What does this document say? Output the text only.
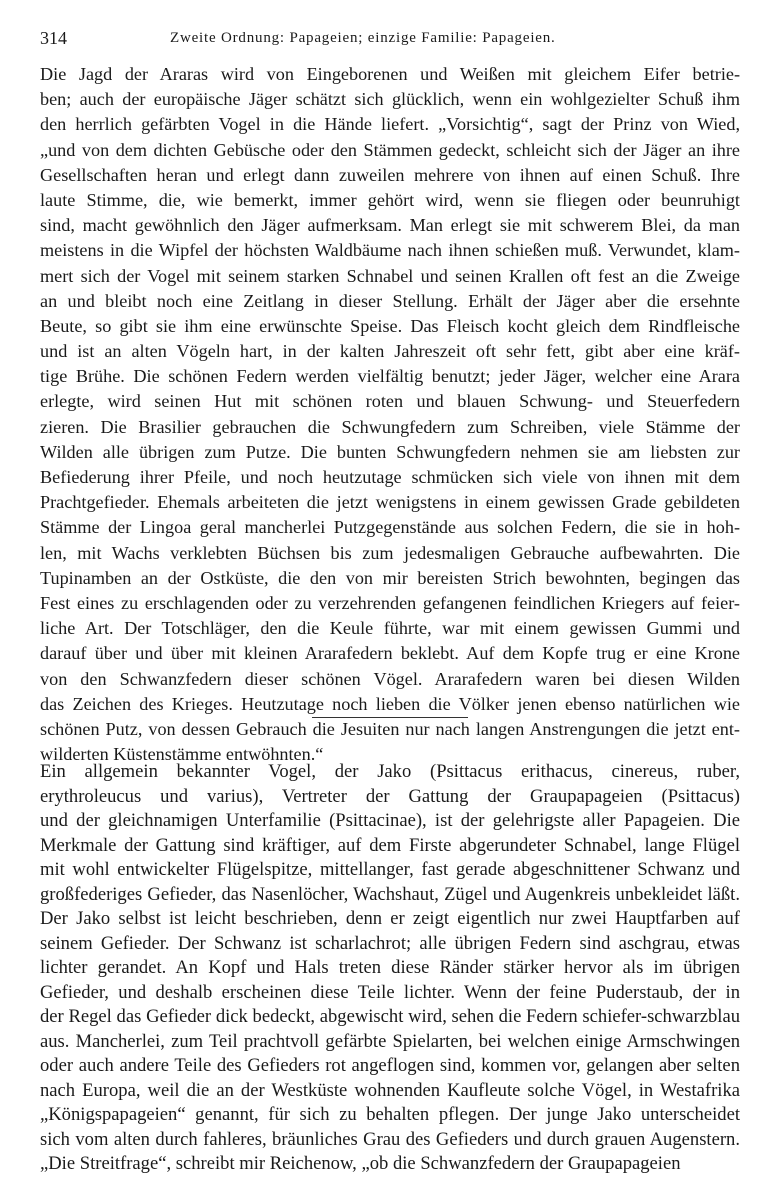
314	Zweite Ordnung: Papageien; einzige Familie: Papageien.
Die Jagd der Araras wird von Eingeborenen und Weißen mit gleichem Eifer betrie-
ben; auch der europäische Jäger schätzt sich glücklich, wenn ein wohlgezielter Schuß ihm
den herrlich gefärbten Vogel in die Hände liefert. „Vorsichtig“, sagt der Prinz von Wied,
„und von dem dichten Gebüsche oder den Stämmen gedeckt, schleicht sich der Jäger an ihre
Gesellschaften heran und erlegt dann zuweilen mehrere von ihnen auf einen Schuß. Ihre
laute Stimme, die, wie bemerkt, immer gehört wird, wenn sie fliegen oder beunruhigt
sind, macht gewöhnlich den Jäger aufmerksam. Man erlegt sie mit schwerem Blei, da man
meistens in die Wipfel der höchsten Waldbäume nach ihnen schießen muß. Verwundet, klam-
mert sich der Vogel mit seinem starken Schnabel und seinen Krallen oft fest an die Zweige
an und bleibt noch eine Zeitlang in dieser Stellung. Erhält der Jäger aber die ersehnte
Beute, so gibt sie ihm eine erwünschte Speise. Das Fleisch kocht gleich dem Rindfleische
und ist an alten Vögeln hart, in der kalten Jahreszeit oft sehr fett, gibt aber eine kräf-
tige Brühe. Die schönen Federn werden vielfältig benutzt; jeder Jäger, welcher eine Arara
erlegte, wird seinen Hut mit schönen roten und blauen Schwung- und Steuerfedern
zieren. Die Brasilier gebrauchen die Schwungfedern zum Schreiben, viele Stämme der
Wilden alle übrigen zum Putze. Die bunten Schwungfedern nehmen sie am liebsten zur
Befiederung ihrer Pfeile, und noch heutzutage schmücken sich viele von ihnen mit dem
Prachtgefieder. Ehemals arbeiteten die jetzt wenigstens in einem gewissen Grade gebildeten
Stämme der Lingoa geral mancherlei Putzgegenstände aus solchen Federn, die sie in hoh-
len, mit Wachs verklebten Büchsen bis zum jedesmaligen Gebrauche aufbewahrten. Die
Tupinamben an der Ostküste, die den von mir bereisten Strich bewohnten, begingen das
Fest eines zu erschlagenden oder zu verzehrenden gefangenen feindlichen Kriegers auf feier-
liche Art. Der Totschläger, den die Keule führte, war mit einem gewissen Gummi und
darauf über und über mit kleinen Ararafedern beklebt. Auf dem Kopfe trug er eine Krone
von den Schwanzfedern dieser schönen Vögel. Ararafedern waren bei diesen Wilden
das Zeichen des Krieges. Heutzutage noch lieben die Völker jenen ebenso natürlichen wie
schönen Putz, von dessen Gebrauch die Jesuiten nur nach langen Anstrengungen die jetzt ent-
wilderten Küstenstämme entwöhnten.“
Ein allgemein bekannter Vogel, der Jako (Psittacus erithacus, cinereus, ruber,
erythroleucus und varius), Vertreter der Gattung der Graupapageien (Psittacus)
und der gleichnamigen Unterfamilie (Psittacinae), ist der gelehrigste aller Papageien. Die
Merkmale der Gattung sind kräftiger, auf dem Firste abgerundeter Schnabel, lange Flügel
mit wohl entwickelter Flügelspitze, mittellanger, fast gerade abgeschnittener Schwanz und
großfederiges Gefieder, das Nasenlöcher, Wachshaut, Zügel und Augenkreis unbekleidet läßt.
Der Jako selbst ist leicht beschrieben, denn er zeigt eigentlich nur zwei Hauptfarben auf
seinem Gefieder. Der Schwanz ist scharlachrot; alle übrigen Federn sind aschgrau, etwas
lichter gerandet. An Kopf und Hals treten diese Ränder stärker hervor als im übrigen
Gefieder, und deshalb erscheinen diese Teile lichter. Wenn der feine Puderstaub, der in
der Regel das Gefieder dick bedeckt, abgewischt wird, sehen die Federn schiefer-schwarzblau
aus. Mancherlei, zum Teil prachtvoll gefärbte Spielarten, bei welchen einige Armschwingen
oder auch andere Teile des Gefieders rot angeflogen sind, kommen vor, gelangen aber selten
nach Europa, weil die an der Westküste wohnenden Kaufleute solche Vögel, in Westafrika
„Königspapageien“ genannt, für sich zu behalten pflegen. Der junge Jako unterscheidet
sich vom alten durch fahleres, bräunliches Grau des Gefieders und durch grauen Augenstern.
„Die Streitfrage“, schreibt mir Reichenow, „ob die Schwanzfedern der Graupapageien
